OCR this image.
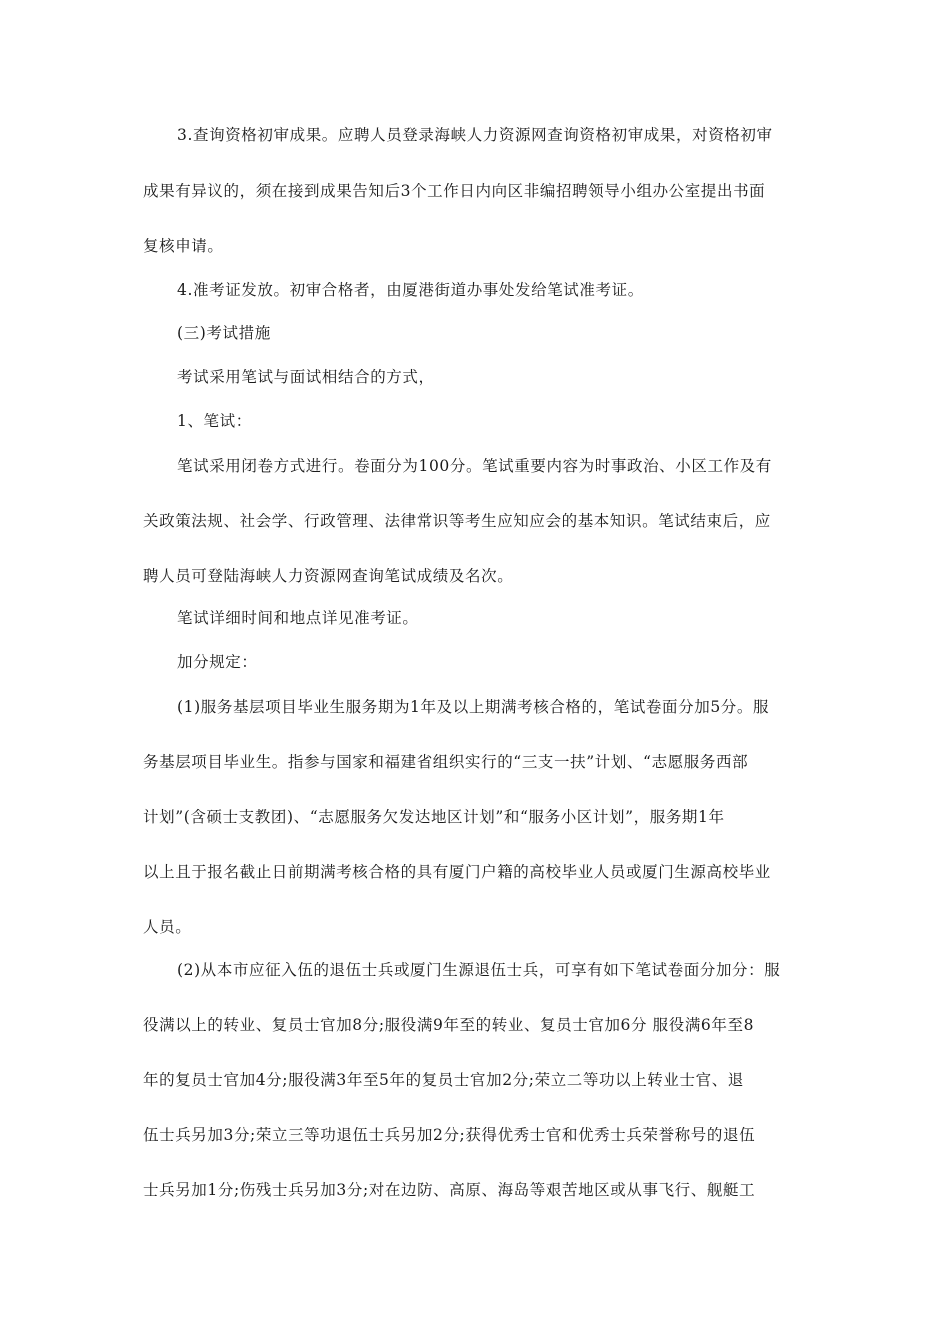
3.查询资格初审成果。应聘人员登录海峡人力资源网查询资格初审成果，对资格初审
成果有异议的，须在接到成果告知后3个工作日内向区非编招聘领导小组办公室提出书面
复核申请。
4.准考证发放。初审合格者，由厦港街道办事处发给笔试准考证。
(三)考试措施
考试采用笔试与面试相结合的方式，
1、笔试：
笔试采用闭卷方式进行。卷面分为100分。笔试重要内容为时事政治、小区工作及有
关政策法规、社会学、行政管理、法律常识等考生应知应会的基本知识。笔试结束后，应
聘人员可登陆海峡人力资源网查询笔试成绩及名次。
笔试详细时间和地点详见准考证。
加分规定：
(1)服务基层项目毕业生服务期为1年及以上期满考核合格的，笔试卷面分加5分。服
务基层项目毕业生。指参与国家和福建省组织实行的“三支一扶”计划、“志愿服务西部
计划”(含硕士支教团)、“志愿服务欠发达地区计划”和“服务小区计划”，服务期1年
以上且于报名截止日前期满考核合格的具有厦门户籍的高校毕业人员或厦门生源高校毕业
人员。
(2)从本市应征入伍的退伍士兵或厦门生源退伍士兵，可享有如下笔试卷面分加分：服
役满以上的转业、复员士官加8分;服役满9年至的转业、复员士官加6分 服役满6年至8
年的复员士官加4分;服役满3年至5年的复员士官加2分;荣立二等功以上转业士官、退
伍士兵另加3分;荣立三等功退伍士兵另加2分;获得优秀士官和优秀士兵荣誉称号的退伍
士兵另加1分;伤残士兵另加3分;对在边防、高原、海岛等艰苦地区或从事飞行、舰艇工
